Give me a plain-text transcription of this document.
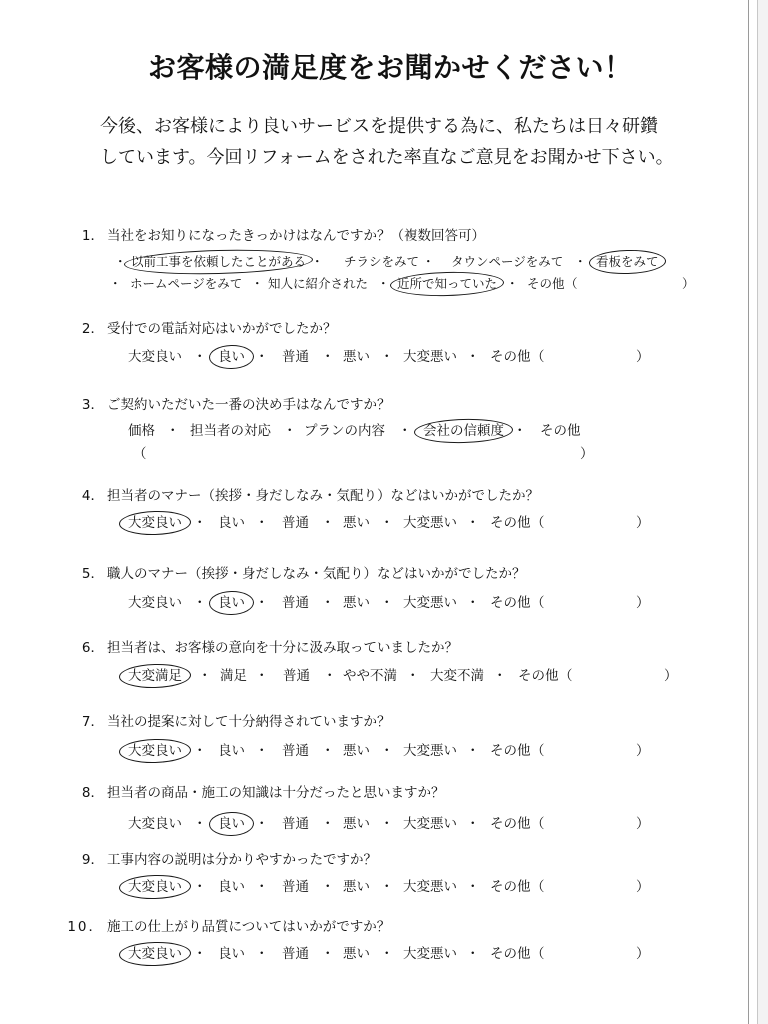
お客様の満足度をお聞かせください！

今後、お客様により良いサービスを提供する為に、私たちは日々研鑽

しています。今回リフォームをされた率直なご意見をお聞かせ下さい。

1． 当社をお知りになったきっかけはなんですか？（複数回答可）
・ 以前工事を依頼したことがある ・ チラシをみて ・ タウンページをみて ・ 看板をみて
・ ホームページをみて ・ 知人に紹介された ・ 近所で知っていた ・ その他 （	）
2． 受付での電話対応はいかがでしたか？
大変良い ・ 良い ・ 普通 ・ 悪い ・ 大変悪い ・ その他 （	）
3． ご契約いただいた一番の決め手はなんですか？
価格 ・ 担当者の対応 ・ プランの内容 ・ 会社の信頼度 ・ その他
（	）
4． 担当者のマナー（挨拶・身だしなみ・気配り）などはいかがでしたか？
大変良い ・ 良い ・ 普通 ・ 悪い ・ 大変悪い ・ その他 （	）
5． 職人のマナー（挨拶・身だしなみ・気配り）などはいかがでしたか？
大変良い ・ 良い ・ 普通 ・ 悪い ・ 大変悪い ・ その他 （	）
6． 担当者は、お客様の意向を十分に汲み取っていましたか？
大変満足 ・ 満足 ・ 普通 ・ やや不満 ・ 大変不満 ・ その他 （	）
7． 当社の提案に対して十分納得されていますか？
大変良い ・ 良い ・ 普通 ・ 悪い ・ 大変悪い ・ その他 （	）
8． 担当者の商品・施工の知識は十分だったと思いますか？
大変良い ・ 良い ・ 普通 ・ 悪い ・ 大変悪い ・ その他 （	）
9． 工事内容の説明は分かりやすかったですか？
大変良い ・ 良い ・ 普通 ・ 悪い ・ 大変悪い ・ その他 （	）
10． 施工の仕上がり品質についてはいかがですか？
大変良い ・ 良い ・ 普通 ・ 悪い ・ 大変悪い ・ その他 （	）
